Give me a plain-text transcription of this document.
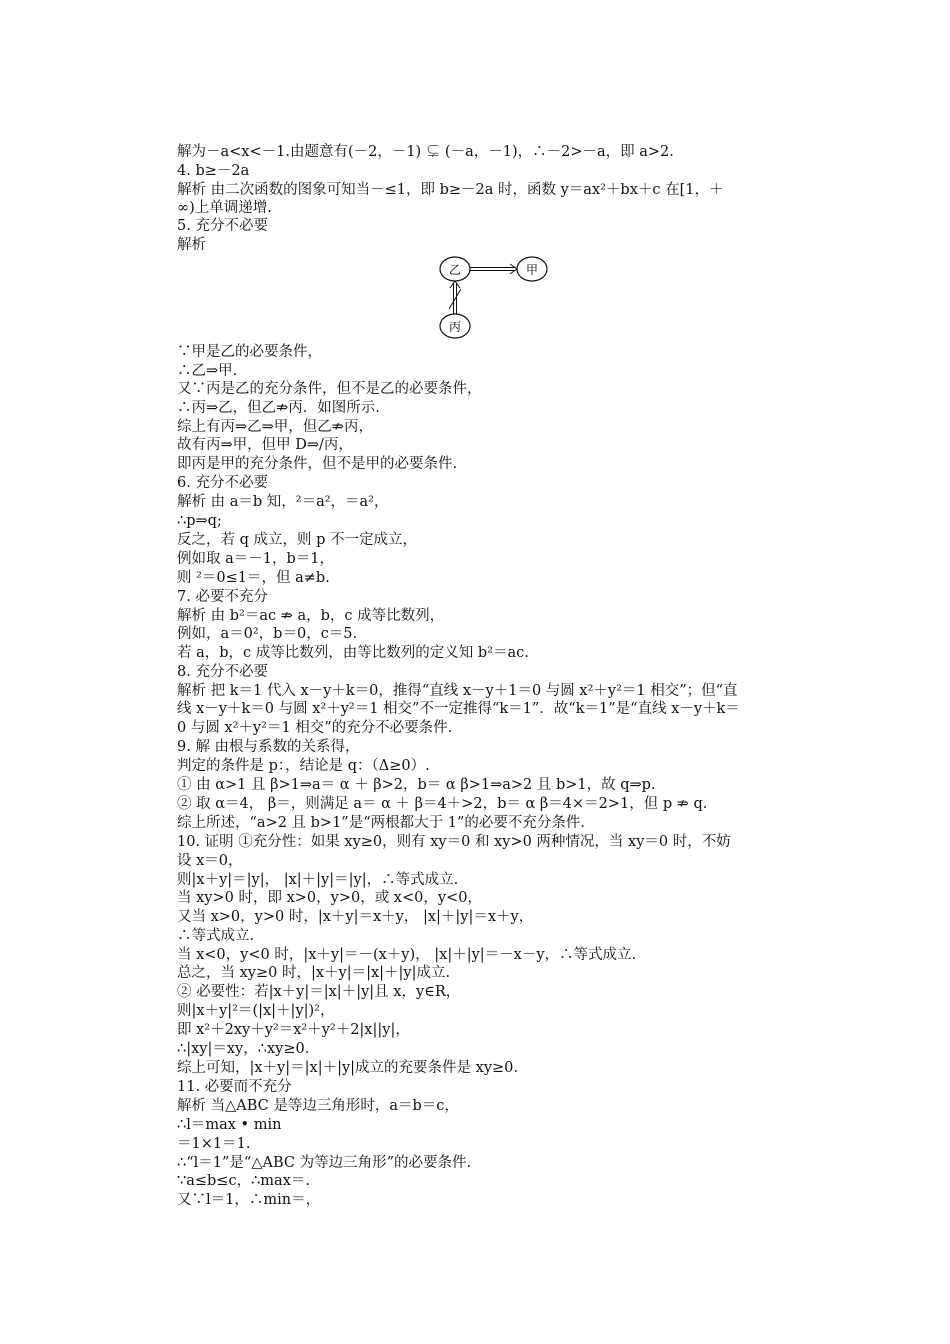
解为－a<x<－1.由题意有(－2，－1) ⊊ (－a，－1)，∴－2>－a，即 a>2.
4. b≥－2a
解析 由二次函数的图象可知当－≤1，即 b≥－2a 时，函数 y＝ax²＋bx＋c 在[1，＋
∞)上单调递增.
5. 充分不必要
解析
∵甲是乙的必要条件，
∴乙⇒甲.
又∵丙是乙的充分条件，但不是乙的必要条件，
∴丙⇒乙，但乙⇏丙．如图所示.
综上有丙⇒乙⇒甲，但乙⇏丙，
故有丙⇒甲，但甲 D⇒/丙，
即丙是甲的充分条件，但不是甲的必要条件.
6. 充分不必要
解析 由 a＝b 知，²＝a²，＝a²，
∴p⇒q;
反之，若 q 成立，则 p 不一定成立，
例如取 a＝－1，b＝1，
则 ²＝0≤1＝，但 a≠b.
7. 必要不充分
解析 由 b²＝ac ⇏ a，b，c 成等比数列，
例如，a＝0²，b＝0，c＝5.
若 a，b，c 成等比数列，由等比数列的定义知 b²＝ac.
8. 充分不必要
解析 把 k＝1 代入 x－y＋k＝0，推得“直线 x－y＋1＝0 与圆 x²＋y²＝1 相交”；但“直
线 x－y＋k＝0 与圆 x²＋y²＝1 相交”不一定推得“k＝1”．故“k＝1”是“直线 x－y＋k＝
0 与圆 x²＋y²＝1 相交”的充分不必要条件.
9. 解 由根与系数的关系得，
判定的条件是 p：，结论是 q：（Δ≥0）.
① 由 α>1 且 β>1⇒a＝ α ＋ β>2，b＝ α β>1⇒a>2 且 b>1，故 q⇒p.
② 取 α＝4， β＝，则满足 a＝ α ＋ β＝4＋>2，b＝ α β＝4×＝2>1，但 p ⇏ q.
综上所述，“a>2 且 b>1”是“两根都大于 1”的必要不充分条件.
10. 证明 ①充分性：如果 xy≥0，则有 xy＝0 和 xy>0 两种情况，当 xy＝0 时，不妨
设 x＝0，
则|x＋y|＝|y|， |x|＋|y|＝|y|，∴等式成立.
当 xy>0 时，即 x>0，y>0，或 x<0，y<0，
又当 x>0，y>0 时，|x＋y|＝x＋y， |x|＋|y|＝x＋y，
∴等式成立.
当 x<0，y<0 时，|x＋y|＝－(x＋y)， |x|＋|y|＝－x－y，∴等式成立.
总之，当 xy≥0 时，|x＋y|＝|x|＋|y|成立.
② 必要性：若|x＋y|＝|x|＋|y|且 x，y∈R，
则|x＋y|²＝(|x|＋|y|)²，
即 x²＋2xy＋y²＝x²＋y²＋2|x||y|，
∴|xy|＝xy，∴xy≥0.
综上可知，|x＋y|＝|x|＋|y|成立的充要条件是 xy≥0.
11. 必要而不充分
解析 当△ABC 是等边三角形时，a＝b＝c，
∴l＝max • min
＝1×1＝1.
∴“l＝1”是“△ABC 为等边三角形”的必要条件.
∵a≤b≤c，∴max＝.
又∵l＝1，∴min＝，
乙	甲
丙
